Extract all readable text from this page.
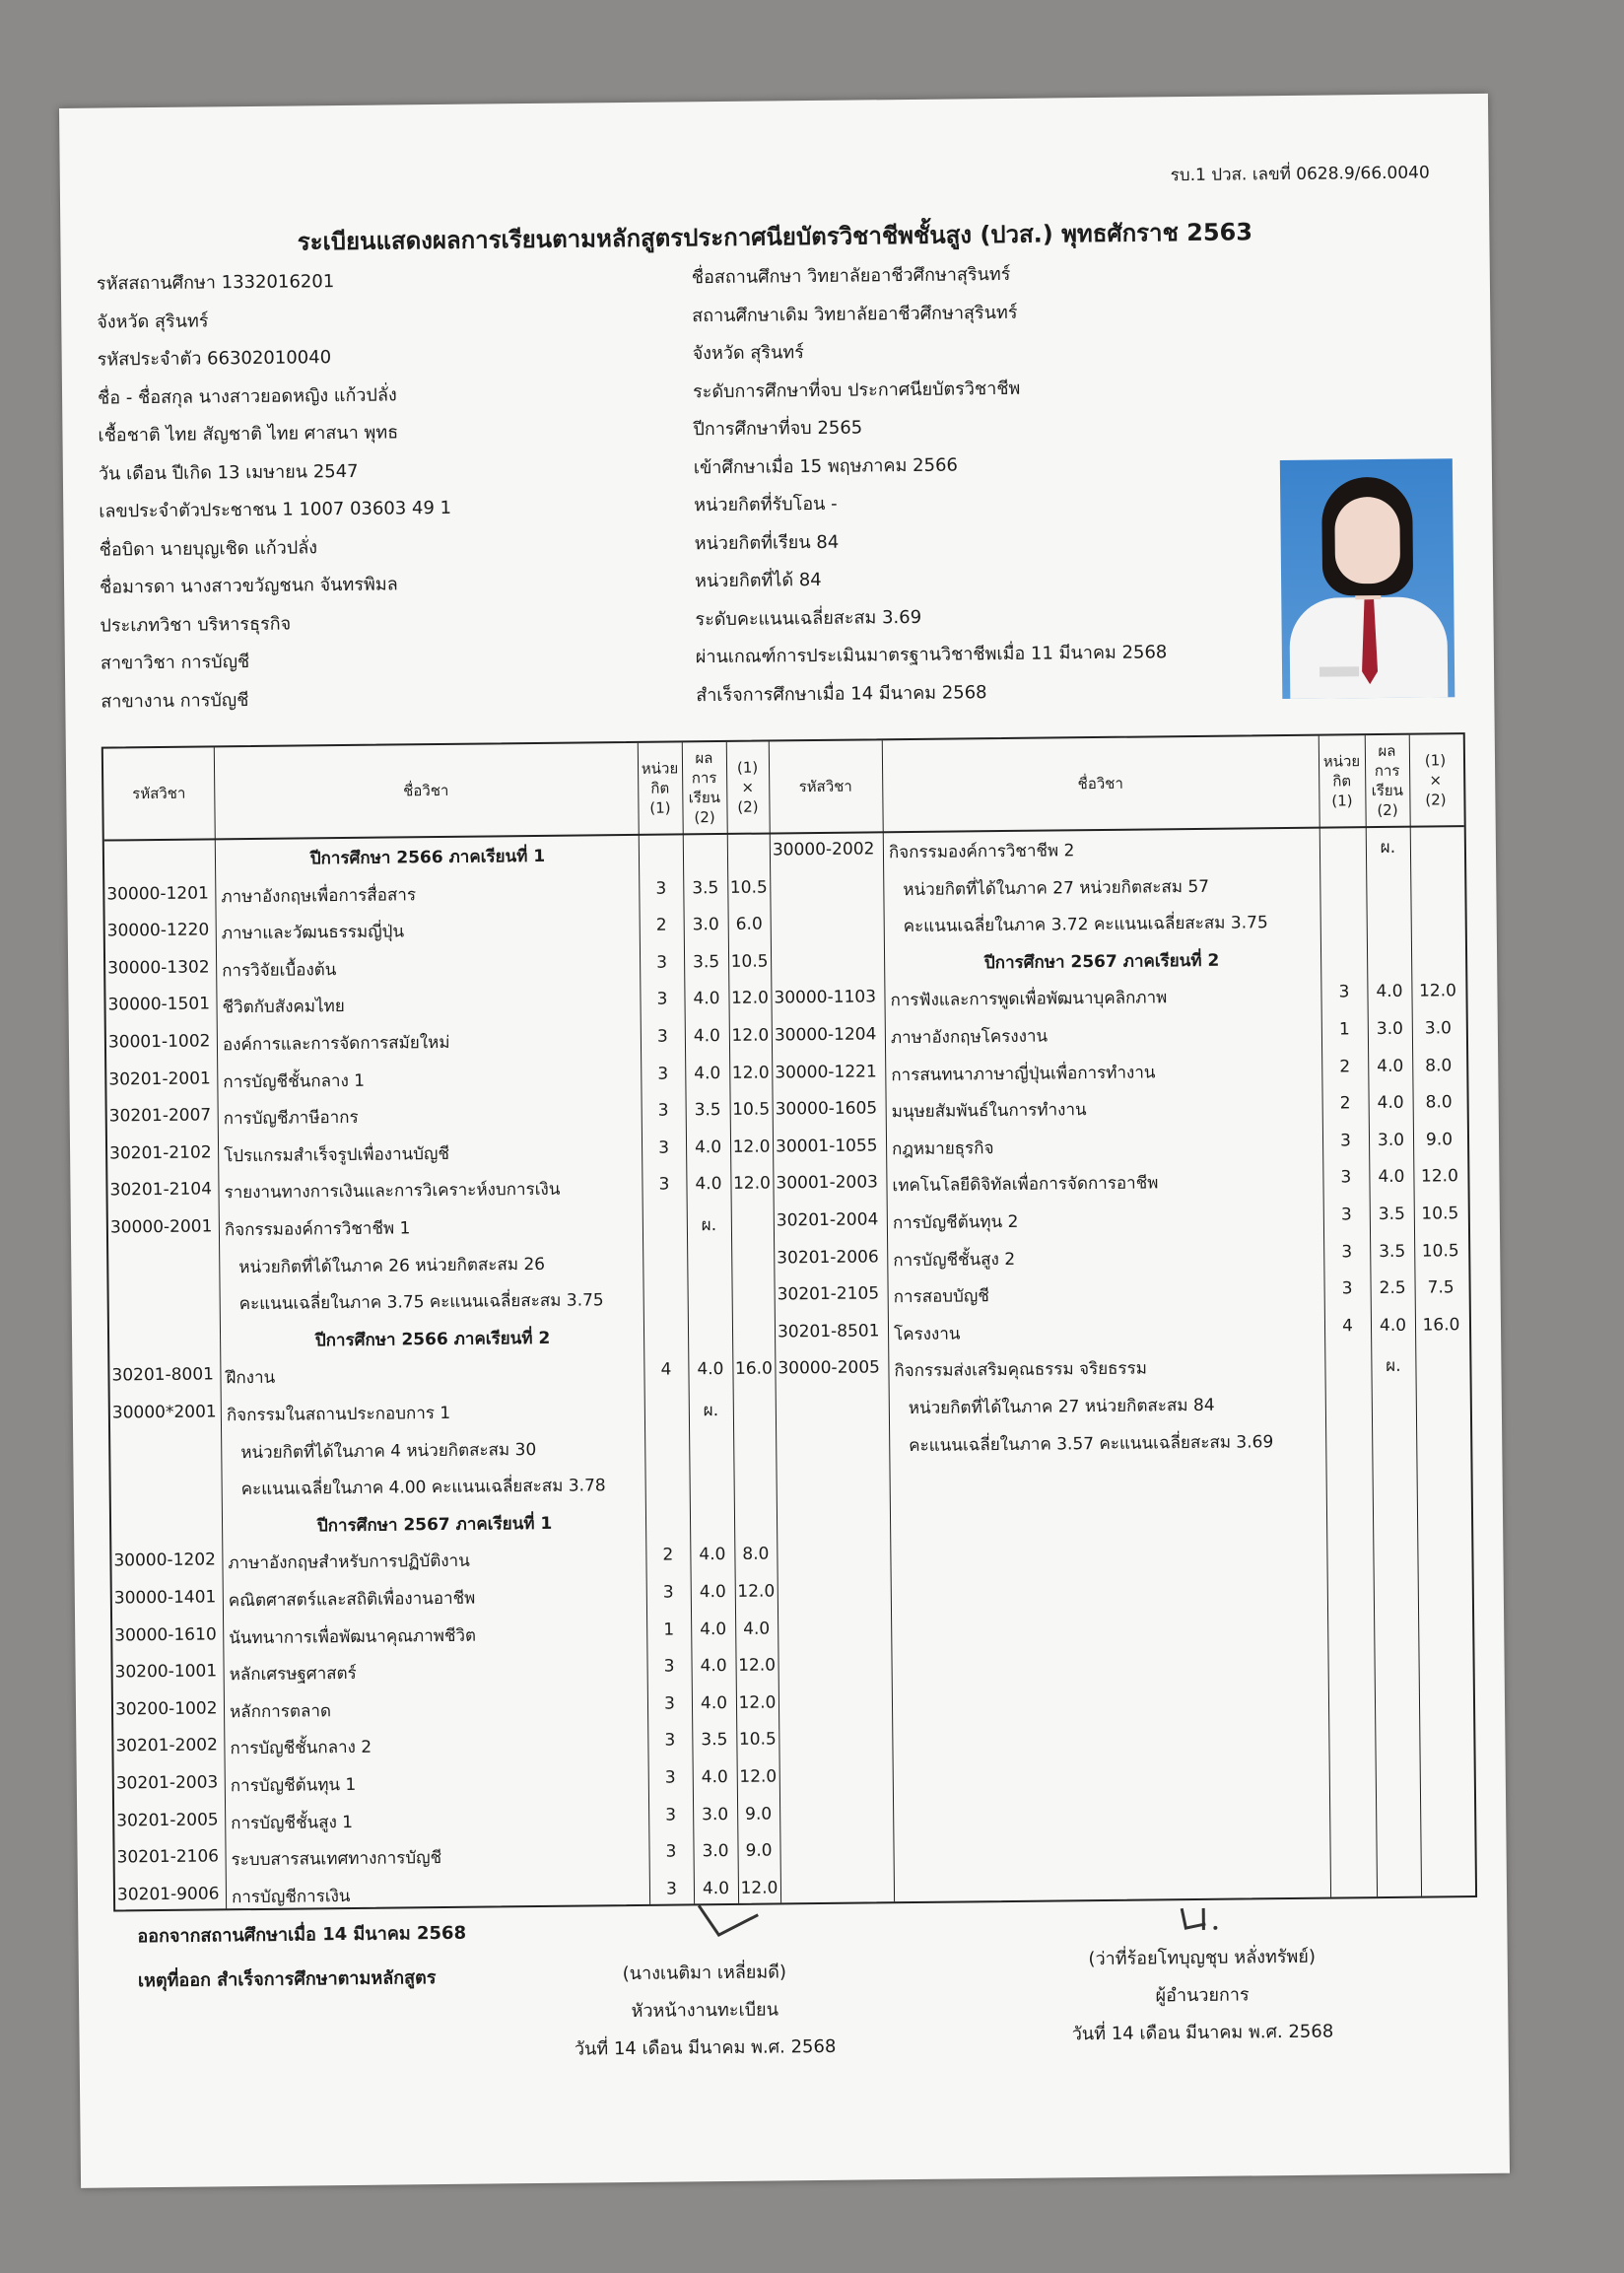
รบ.1 ปวส. เลขที่ 0628.9/66.0040
ระเบียนแสดงผลการเรียนตามหลักสูตรประกาศนียบัตรวิชาชีพชั้นสูง (ปวส.) พุทธศักราช 2563
รหัสสถานศึกษา 1332016201
จังหวัด สุรินทร์
รหัสประจำตัว 66302010040
ชื่อ - ชื่อสกุล นางสาวยอดหญิง แก้วปลั่ง
เชื้อชาติ ไทย สัญชาติ ไทย ศาสนา พุทธ
วัน เดือน ปีเกิด 13 เมษายน 2547
เลขประจำตัวประชาชน 1 1007 03603 49 1
ชื่อบิดา นายบุญเชิด แก้วปลั่ง
ชื่อมารดา นางสาวขวัญชนก จันทรพิมล
ประเภทวิชา บริหารธุรกิจ
สาขาวิชา การบัญชี
สาขางาน การบัญชี
ชื่อสถานศึกษา วิทยาลัยอาชีวศึกษาสุรินทร์
สถานศึกษาเดิม วิทยาลัยอาชีวศึกษาสุรินทร์
จังหวัด สุรินทร์
ระดับการศึกษาที่จบ ประกาศนียบัตรวิชาชีพ
ปีการศึกษาที่จบ 2565
เข้าศึกษาเมื่อ 15 พฤษภาคม 2566
หน่วยกิตที่รับโอน -
หน่วยกิตที่เรียน 84
หน่วยกิตที่ได้ 84
ระดับคะแนนเฉลี่ยสะสม 3.69
ผ่านเกณฑ์การประเมินมาตรฐานวิชาชีพเมื่อ 11 มีนาคม 2568
สำเร็จการศึกษาเมื่อ 14 มีนาคม 2568
รหัสวิชา	ชื่อวิชา
หน่วย
กิต
(1)
ผล
การ
เรียน
(2)
(1)
×
(2)
รหัสวิชา	ชื่อวิชา
หน่วย
กิต
(1)
ผล
การ
เรียน
(2)
(1)
×
(2)
ปีการศึกษา 2566 ภาคเรียนที่ 1
30000-1201 ภาษาอังกฤษเพื่อการสื่อสาร	3	3.5 10.5
30000-1220 ภาษาและวัฒนธรรมญี่ปุ่น	2	3.0 6.0
30000-1302 การวิจัยเบื้องต้น	3	3.5 10.5
30000-1501 ชีวิตกับสังคมไทย	3	4.0 12.0
30001-1002 องค์การและการจัดการสมัยใหม่	3	4.0 12.0
30201-2001 การบัญชีชั้นกลาง 1	3	4.0 12.0
30201-2007 การบัญชีภาษีอากร	3	3.5 10.5
30201-2102 โปรแกรมสำเร็จรูปเพื่องานบัญชี	3	4.0 12.0
30201-2104 รายงานทางการเงินและการวิเคราะห์งบการเงิน	3	4.0 12.0
30000-2001 กิจกรรมองค์การวิชาชีพ 1	ผ.
หน่วยกิตที่ได้ในภาค 26 หน่วยกิตสะสม 26
คะแนนเฉลี่ยในภาค 3.75 คะแนนเฉลี่ยสะสม 3.75
ปีการศึกษา 2566 ภาคเรียนที่ 2
30201-8001 ฝึกงาน	4	4.0 16.0
30000*2001 กิจกรรมในสถานประกอบการ 1	ผ.
หน่วยกิตที่ได้ในภาค 4 หน่วยกิตสะสม 30
คะแนนเฉลี่ยในภาค 4.00 คะแนนเฉลี่ยสะสม 3.78
ปีการศึกษา 2567 ภาคเรียนที่ 1
30000-1202 ภาษาอังกฤษสำหรับการปฏิบัติงาน	2	4.0 8.0
30000-1401 คณิตศาสตร์และสถิติเพื่องานอาชีพ	3	4.0 12.0
30000-1610 นันทนาการเพื่อพัฒนาคุณภาพชีวิต	1	4.0 4.0
30200-1001 หลักเศรษฐศาสตร์	3	4.0 12.0
30200-1002 หลักการตลาด	3	4.0 12.0
30201-2002 การบัญชีชั้นกลาง 2	3	3.5 10.5
30201-2003 การบัญชีต้นทุน 1	3	4.0 12.0
30201-2005 การบัญชีชั้นสูง 1	3	3.0 9.0
30201-2106 ระบบสารสนเทศทางการบัญชี	3	3.0 9.0
30201-9006 การบัญชีการเงิน	3	4.0 12.0
30000-2002 กิจกรรมองค์การวิชาชีพ 2	ผ.
หน่วยกิตที่ได้ในภาค 27 หน่วยกิตสะสม 57
คะแนนเฉลี่ยในภาค 3.72 คะแนนเฉลี่ยสะสม 3.75
ปีการศึกษา 2567 ภาคเรียนที่ 2
30000-1103 การฟังและการพูดเพื่อพัฒนาบุคลิกภาพ	3	4.0 12.0
30000-1204 ภาษาอังกฤษโครงงาน	1	3.0	3.0
30000-1221 การสนทนาภาษาญี่ปุ่นเพื่อการทำงาน	2	4.0	8.0
30000-1605 มนุษยสัมพันธ์ในการทำงาน	2	4.0	8.0
30001-1055 กฎหมายธุรกิจ	3	3.0	9.0
30001-2003 เทคโนโลยีดิจิทัลเพื่อการจัดการอาชีพ	3	4.0 12.0
30201-2004 การบัญชีต้นทุน 2	3	3.5 10.5
30201-2006 การบัญชีชั้นสูง 2	3	3.5 10.5
30201-2105 การสอบบัญชี	3	2.5	7.5
30201-8501 โครงงาน	4	4.0 16.0
30000-2005 กิจกรรมส่งเสริมคุณธรรม จริยธรรม	ผ.
หน่วยกิตที่ได้ในภาค 27 หน่วยกิตสะสม 84
คะแนนเฉลี่ยในภาค 3.57 คะแนนเฉลี่ยสะสม 3.69
ออกจากสถานศึกษาเมื่อ 14 มีนาคม 2568
เหตุที่ออก สำเร็จการศึกษาตามหลักสูตร	(นางเนติมา เหลี่ยมดี)
หัวหน้างานทะเบียน
วันที่ 14 เดือน มีนาคม พ.ศ. 2568
(ว่าที่ร้อยโทบุญชุบ หลั่งทรัพย์)
ผู้อำนวยการ
วันที่ 14 เดือน มีนาคม พ.ศ. 2568
